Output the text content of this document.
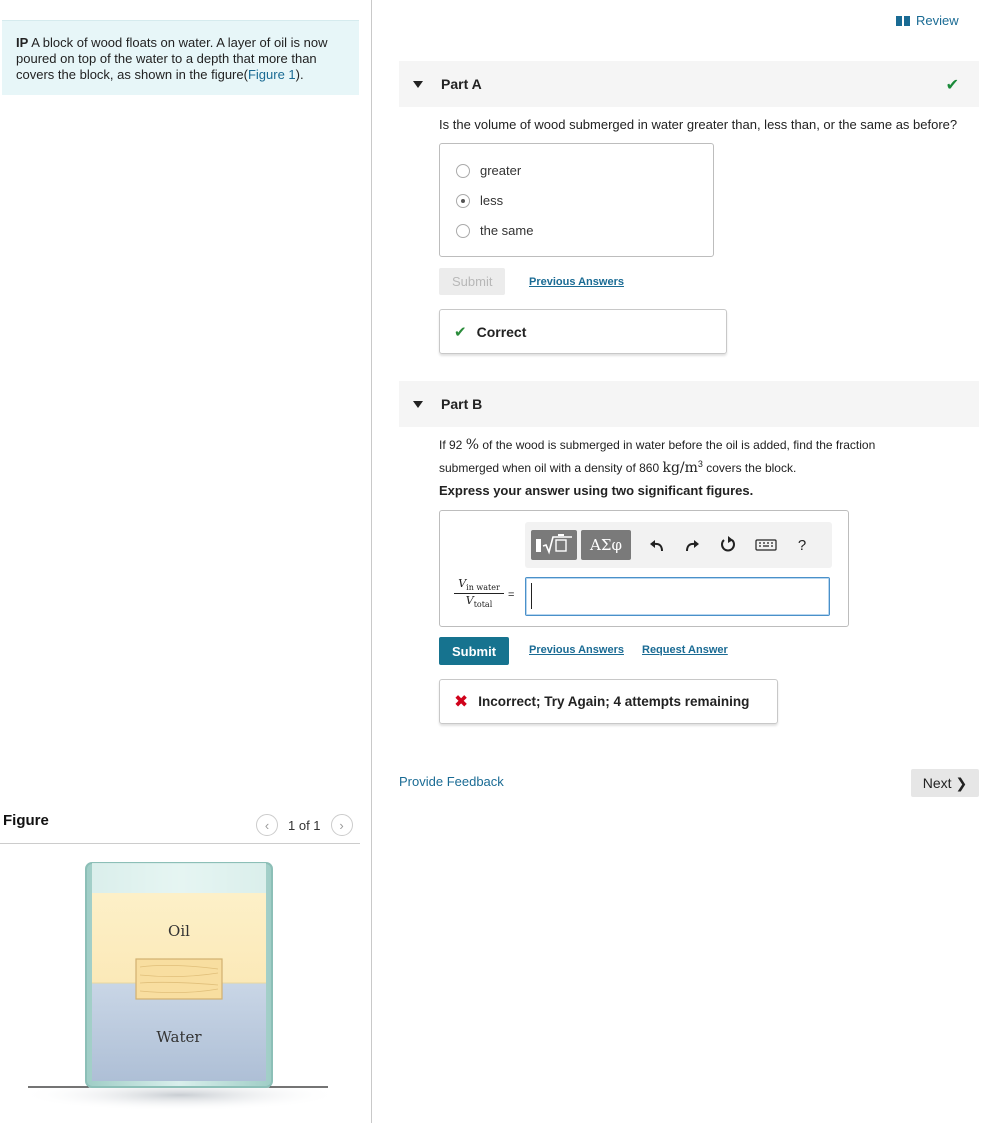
IP A block of wood floats on water. A layer of oil is now poured on top of the water to a depth that more than covers the block, as shown in the figure(Figure 1).
Figure	‹ 1 of 1 ›
Oil
Water
Review
Part A	✔
Is the volume of wood submerged in water greater than, less than, or the same as before?
greater
less
the same
Submit	Previous Answers
✔ Correct
Part B
If 92 % of the wood is submerged in water before the oil is added, find the fraction
submerged when oil with a density of 860 $kg/m^3$ covers the block.
Express your answer using two significant figures.
ΑΣφ	?
$V_{in water}$
$V_{total}$
=
Submit	Previous Answers Request Answer
✖ Incorrect; Try Again; 4 attempts remaining
Provide Feedback	Next ❯
